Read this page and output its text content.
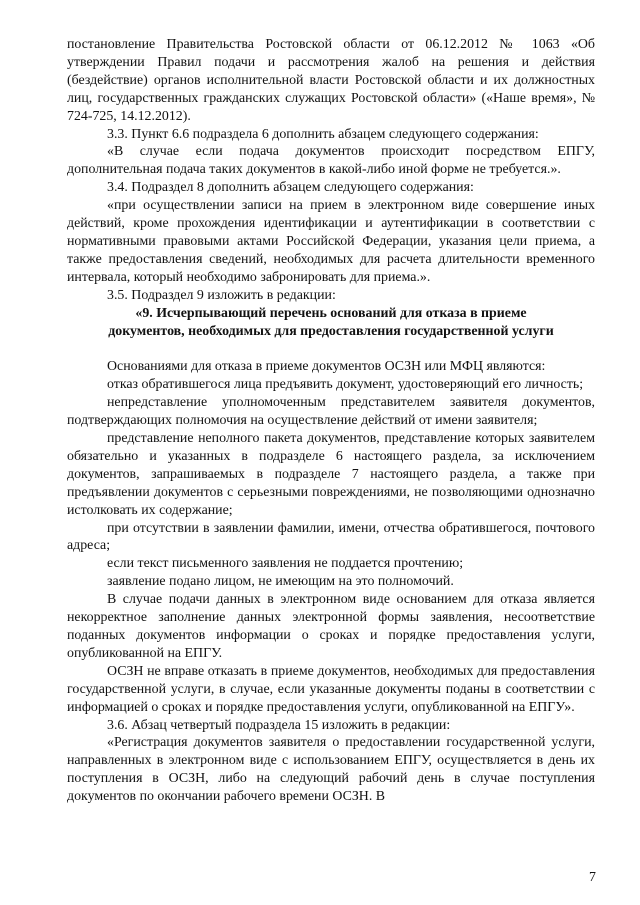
постановление Правительства Ростовской области от 06.12.2012 № 1063 «Об утверждении Правил подачи и рассмотрения жалоб на решения и действия (бездействие) органов исполнительной власти Ростовской области и их должностных лиц, государственных гражданских служащих Ростовской области» («Наше время», № 724-725, 14.12.2012).

3.3. Пункт 6.6 подраздела 6 дополнить абзацем следующего содержания:

«В случае если подача документов происходит посредством ЕПГУ, дополнительная подача таких документов в какой-либо иной форме не требуется.».

3.4. Подраздел 8 дополнить абзацем следующего содержания:

«при осуществлении записи на прием в электронном виде совершение иных действий, кроме прохождения идентификации и аутентификации в соответствии с нормативными правовыми актами Российской Федерации, указания цели приема, а также предоставления сведений, необходимых для расчета длительности временного интервала, который необходимо забронировать для приема.».

3.5. Подраздел 9 изложить в редакции:

«9. Исчерпывающий перечень оснований для отказа в приеме
документов, необходимых для предоставления государственной услуги

Основаниями для отказа в приеме документов ОСЗН или МФЦ являются:

отказ обратившегося лица предъявить документ, удостоверяющий его личность;

непредставление уполномоченным представителем заявителя документов, подтверждающих полномочия на осуществление действий от имени заявителя;

представление неполного пакета документов, представление которых заявителем обязательно и указанных в подразделе 6 настоящего раздела, за исключением документов, запрашиваемых в подразделе 7 настоящего раздела, а также при предъявлении документов с серьезными повреждениями, не позволяющими однозначно истолковать их содержание;

при отсутствии в заявлении фамилии, имени, отчества обратившегося, почтового адреса;

если текст письменного заявления не поддается прочтению;

заявление подано лицом, не имеющим на это полномочий.

В случае подачи данных в электронном виде основанием для отказа является некорректное заполнение данных электронной формы заявления, несоответствие поданных документов информации о сроках и порядке предоставления услуги, опубликованной на ЕПГУ.

ОСЗН не вправе отказать в приеме документов, необходимых для предоставления государственной услуги, в случае, если указанные документы поданы в соответствии с информацией о сроках и порядке предоставления услуги, опубликованной на ЕПГУ».

3.6. Абзац четвертый подраздела 15 изложить в редакции:

«Регистрация документов заявителя о предоставлении государственной услуги, направленных в электронном виде с использованием ЕПГУ, осуществляется в день их поступления в ОСЗН, либо на следующий рабочий день в случае поступления документов по окончании рабочего времени ОСЗН. В

7
